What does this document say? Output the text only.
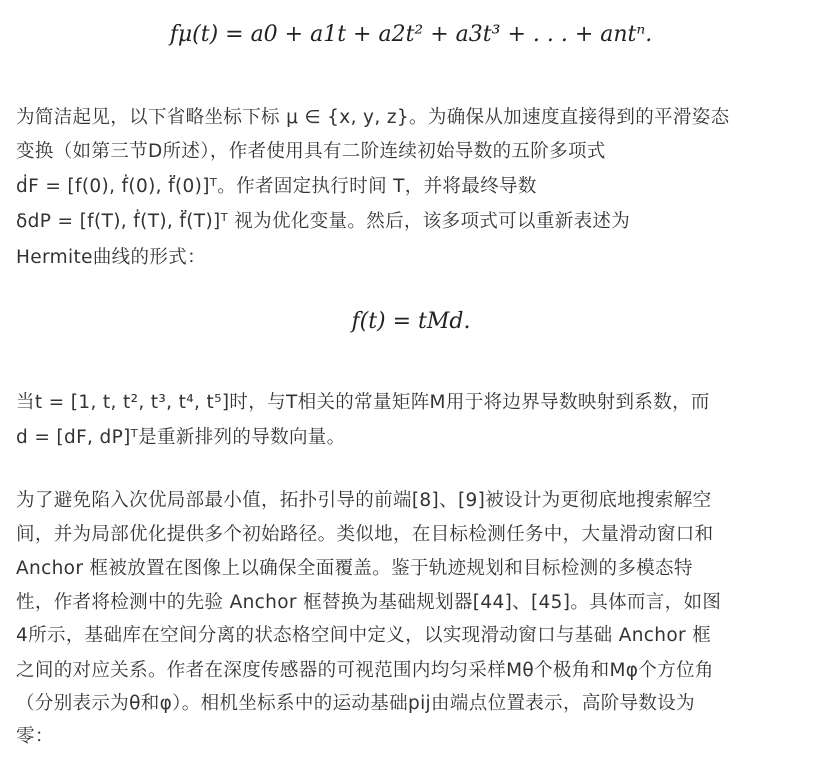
fμ(t) = a0 + a1t + a2t² + a3t³ + . . . + antⁿ.
为简洁起见，以下省略坐标下标 μ ∈ {x, y, z}。为确保从加速度直接得到的平滑姿态
变换（如第三节D所述），作者使用具有二阶连续初始导数的五阶多项式
ḋF = [f(0), ḟ(0), f̈(0)]ᵀ。作者固定执行时间 T，并将最终导数
δdP = [f(T), ḟ(T), f̈(T)]ᵀ 视为优化变量。然后，该多项式可以重新表述为
Hermite曲线的形式：
f(t) = tMd.
当t = [1, t, t², t³, t⁴, t⁵]时，与T相关的常量矩阵M用于将边界导数映射到系数，而
d = [dF, dP]ᵀ是重新排列的导数向量。
为了避免陷入次优局部最小值，拓扑引导的前端[8]、[9]被设计为更彻底地搜索解空
间，并为局部优化提供多个初始路径。类似地，在目标检测任务中，大量滑动窗口和
Anchor 框被放置在图像上以确保全面覆盖。鉴于轨迹规划和目标检测的多模态特
性，作者将检测中的先验 Anchor 框替换为基础规划器[44]、[45]。具体而言，如图
4所示，基础库在空间分离的状态格空间中定义，以实现滑动窗口与基础 Anchor 框
之间的对应关系。作者在深度传感器的可视范围内均匀采样Mθ个极角和Mφ个方位角
（分别表示为θ和φ）。相机坐标系中的运动基础pij由端点位置表示，高阶导数设为
零：
